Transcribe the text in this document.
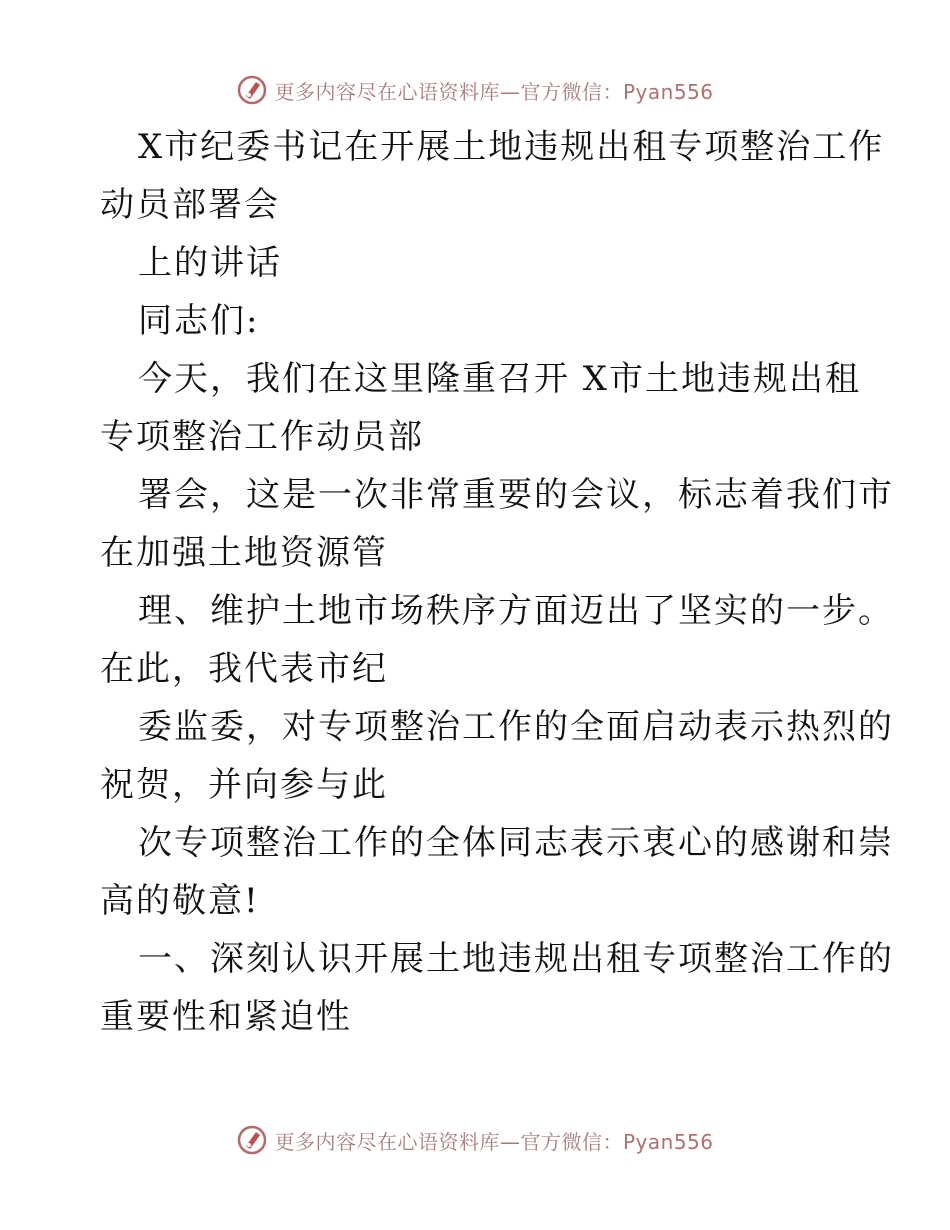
更多内容尽在心语资料库—官方微信：Pyan556
X市纪委书记在开展土地违规出租专项整治工作
动员部署会
上的讲话
同志们:
今天，我们在这里隆重召开 X市土地违规出租
专项整治工作动员部
署会，这是一次非常重要的会议，标志着我们市
在加强土地资源管
理、维护土地市场秩序方面迈出了坚实的一步。
在此，我代表市纪
委监委，对专项整治工作的全面启动表示热烈的
祝贺，并向参与此
次专项整治工作的全体同志表示衷心的感谢和崇
高的敬意!
一、深刻认识开展土地违规出租专项整治工作的
重要性和紧迫性
更多内容尽在心语资料库—官方微信：Pyan556
